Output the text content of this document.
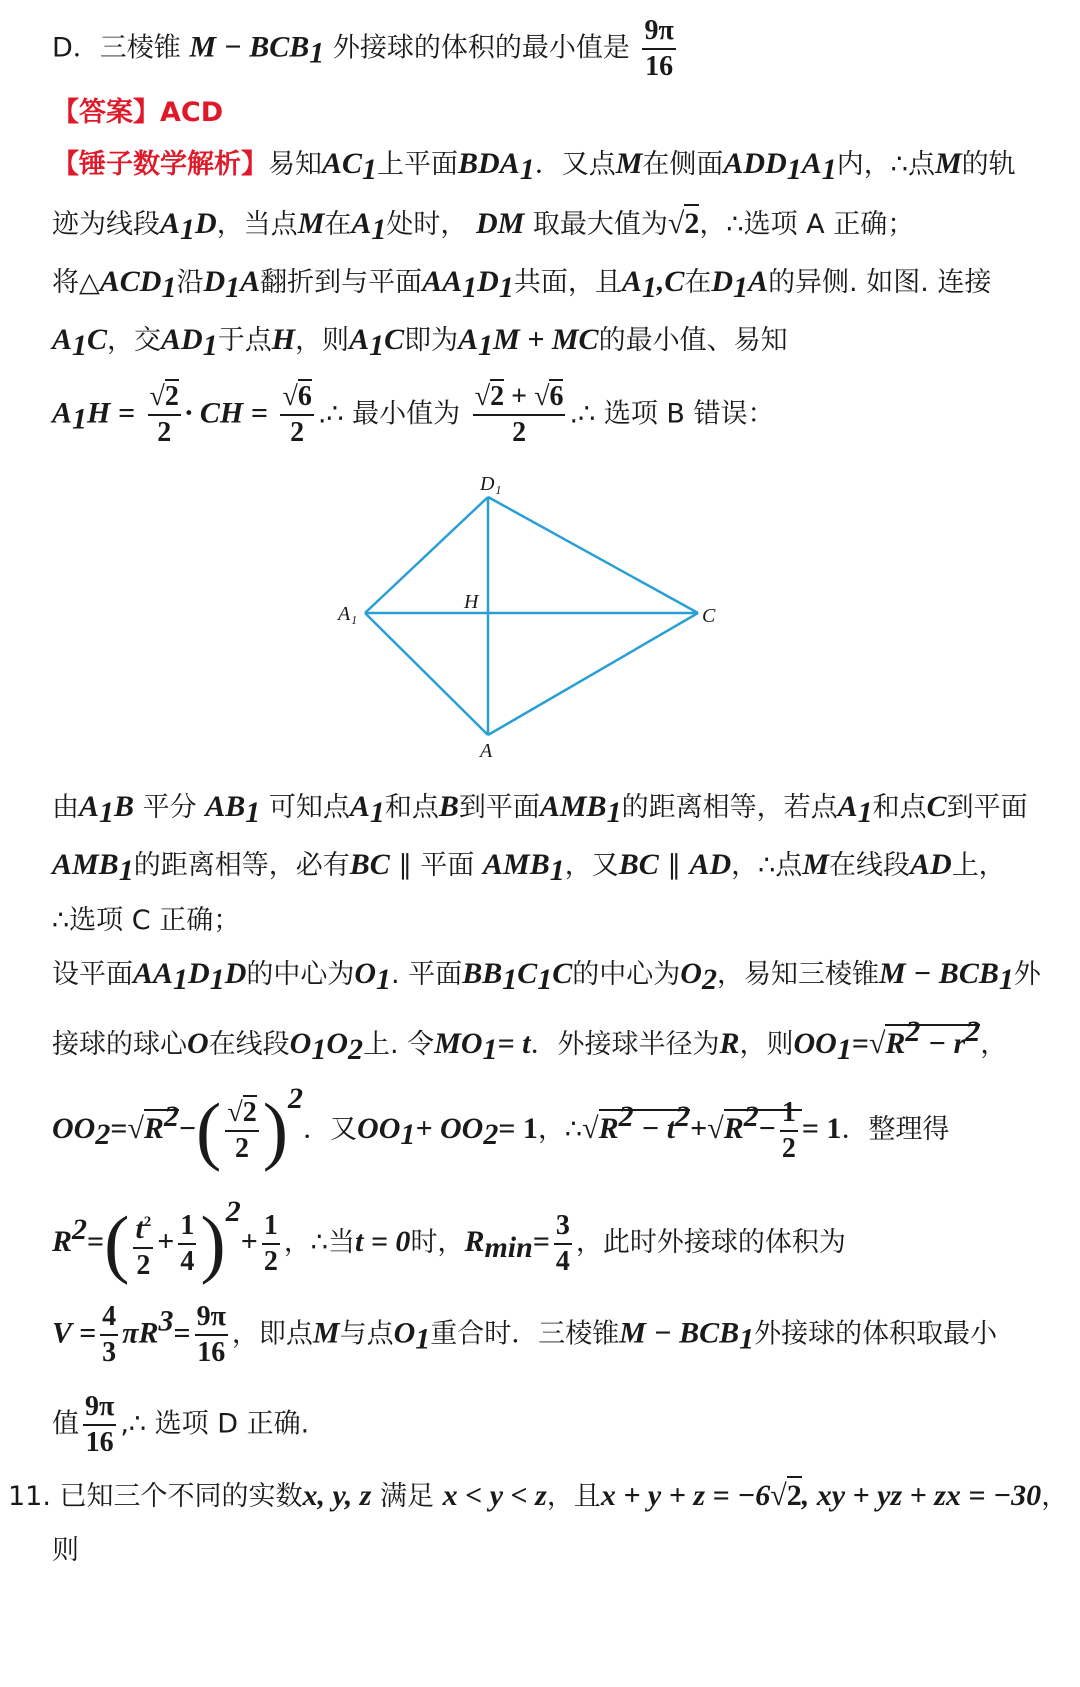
D．三棱锥 $M - BCB_1$ 外接球的体积的最小值是 $\frac{9\pi}{16}$
【答案】ACD
【锤子数学解析】易知$AC_1$上平面$BDA_1$．又点M在侧面$ADD_1A_1$内，∴点M的轨
迹为线段$A_1D$，当点M在$A_1$处时， DM 取最大值为√2，∴选项 A 正确；
将$\triangle ACD_1$沿$D_1A$翻折到与平面$AA_1D_1$共面，且$A_1,C$在$D_1A$的异侧. 如图. 连接
$A_1C$，交$AD_1$于点H，则$A_1C$即为$A_1M$ + MC的最小值、易知
$A_1H = \frac{√2}{2}$ · CH = $\frac{√6}{2}$ .∴ 最小值为 $\frac{√2 + √6}{2}$ .∴ 选项 B 错误：
D₁
H
A₁	C
A
由$A_1B$ 平分 $AB_1$ 可知点$A_1$和点B到平面$AMB_1$的距离相等，若点$A_1$和点C到平面
$AMB_1$的距离相等，必有BC ∥ 平面 $AMB_1$，又BC ∥ AD，∴点M在线段AD上，
∴选项 C 正确；
设平面$AA_1D_1D$的中心为$O_1$. 平面$BB_1C_1C$的中心为$O_2$，易知三棱锥$M - BCB_1$外
接球的球心O在线段$O_1O_2$上. 令$MO_1= t$．外接球半径为R，则$OO_1=√R^2 - r^2$，
$OO_2=√R^2-( \frac{√2}{2} )^2$．又$OO_1+ OO_2= 1$，$\therefore√R^2 - t^2+√R^2- \frac{1}{2} = 1$．整理得
$R^2=( \frac{t^2}{2} + \frac{1}{4} )^2+ \frac{1}{2}$ ，∴当t = 0时，$R_{min}= \frac{3}{4}$ ，此时外接球的体积为
$V = \frac{4}{3} \pi R^3= \frac{9\pi}{16}$ ，即点M与点$O_1$重合时．三棱锥$M - BCB_1$外接球的体积取最小
值 $\frac{9\pi}{16}$ ,∴ 选项 D 正确.
11. 已知三个不同的实数x, y, z 满足 x < y < z，且x + y + z = −6√2, xy + yz + zx = −30，
则
